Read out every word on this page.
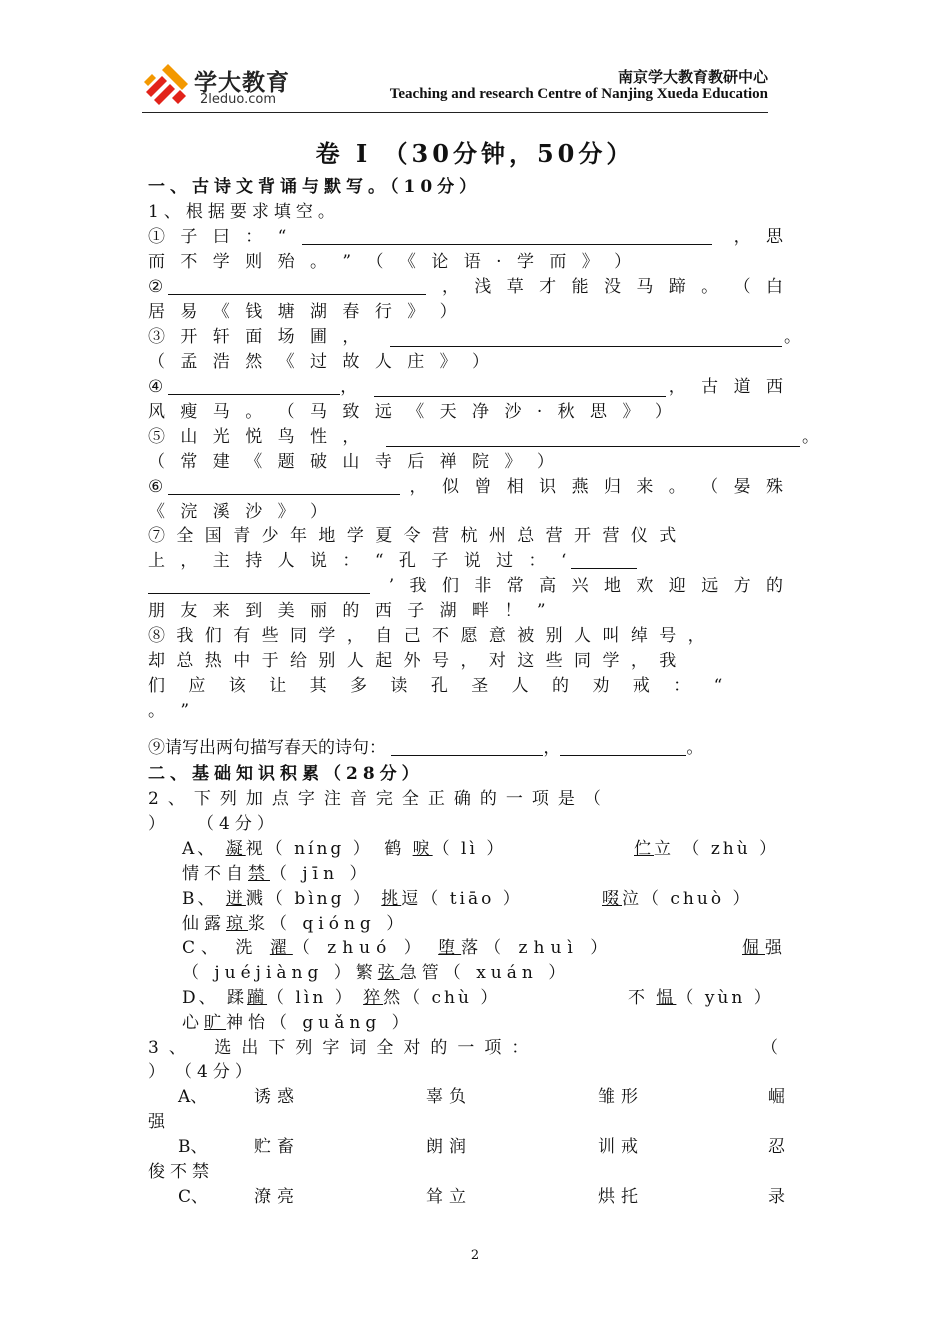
学大教育
2leduo.com
南京学大教育教研中心
Teaching and research Centre of Nanjing Xueda Education
卷 I （30分钟，50分）
一、古诗文背诵与默写。（10分）
1、根据要求填空。
① 子 曰 ： “	， 思
而 不 学 则 殆 。 ” （ 《 论 语 · 学 而 》 ）
②	， 浅 草 才 能 没 马 蹄 。 （ 白
居 易 《 钱 塘 湖 春 行 》 ）
③ 开 轩 面 场 圃 ，	。
（ 孟 浩 然 《 过 故 人 庄 》 ）
④	，	， 古 道 西
风 瘦 马 。 （ 马 致 远 《 天 净 沙 · 秋 思 》 ）
⑤ 山 光 悦 鸟 性 ，	。
（ 常 建 《 题 破 山 寺 后 禅 院 》 ）
⑥	， 似 曾 相 识 燕 归 来 。 （ 晏 殊
《 浣 溪 沙 》 ）
⑦ 全 国 青 少 年 地 学 夏 令 营 杭 州 总 营 开 营 仪 式
上 ， 主 持 人 说 ： “ 孔 子 说 过 ： ‘
’ 我 们 非 常 高 兴 地 欢 迎 远 方 的
朋 友 来 到 美 丽 的 西 子 湖 畔 ！ ”
⑧ 我 们 有 些 同 学 ， 自 己 不 愿 意 被 别 人 叫 绰 号 ，
却 总 热 中 于 给 别 人 起 外 号 ， 对 这 些 同 学 ， 我
们 应 该 让 其 多 读 孔 圣 人 的 劝 戒 ： “
。 ”
⑨请写出两句描写春天的诗句：	，	。
二、基础知识积累（28分）
2、下列加点字注音完全正确的一项是（
）　　（4分）
A、 凝视（ níng ）　鹤 唳（ lì ）	伫立 （ zhù ）
情不自禁（ jīn ）
B、 迸溅（ bìng ） 挑逗（ tiāo ）	啜泣（ chuò ）
仙露琼浆（ qióng ）
C、 洗 濯（ zhuó ） 堕落（ zhuì ）	倔强
（ juéjiàng ）繁弦急管（ xuán ）
D、 蹂躏（ lìn ） 猝然（ chù ）	不 愠（ yùn ）
心旷神怡（ guǎng ）
3、　选出下列字词全对的一项：	（
）　（4分）
A、	诱惑	辜负	雏形	崛
强
B、	贮畜	朗润	训戒	忍
俊不禁
C、	潦亮	耸立	烘托	录
2
